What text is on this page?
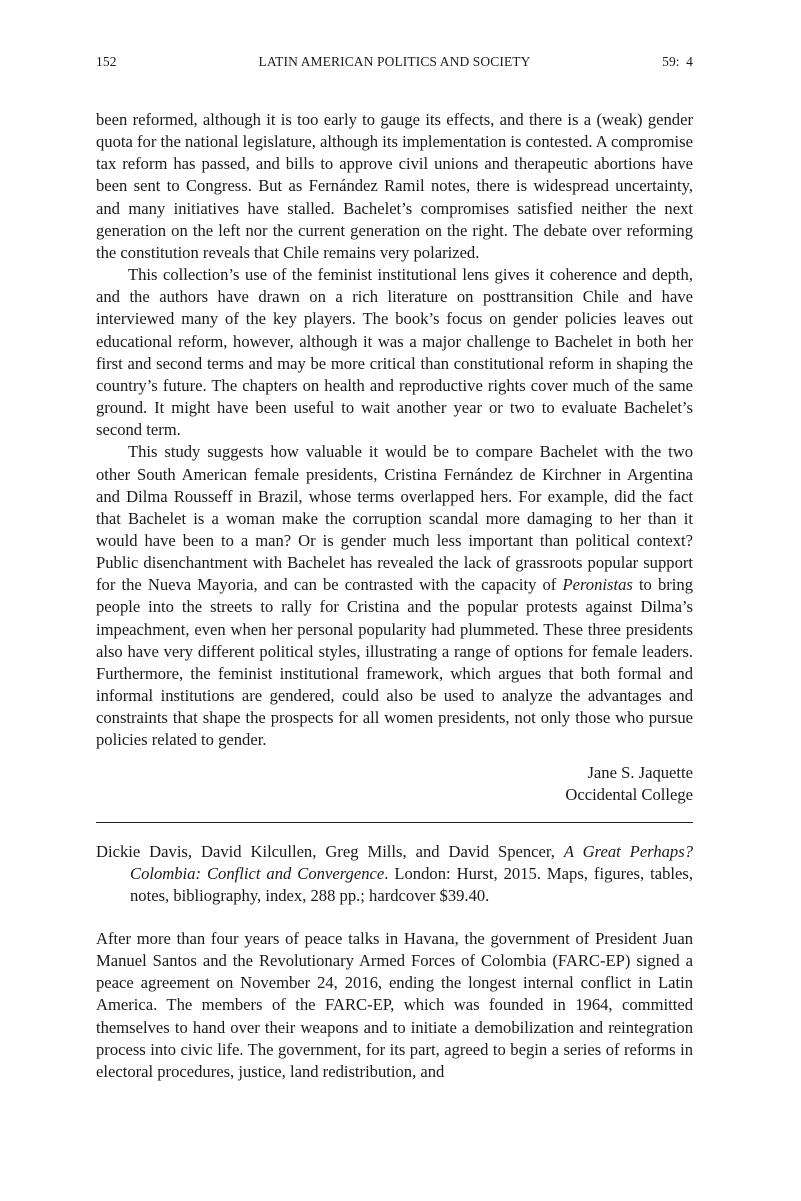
152	LATIN AMERICAN POLITICS AND SOCIETY	59: 4

been reformed, although it is too early to gauge its effects, and there is a (weak) gender quota for the national legislature, although its implementation is contested. A compromise tax reform has passed, and bills to approve civil unions and therapeutic abortions have been sent to Congress. But as Fernández Ramil notes, there is widespread uncertainty, and many initiatives have stalled. Bachelet’s compromises satisfied neither the next generation on the left nor the current generation on the right. The debate over reforming the constitution reveals that Chile remains very polarized.

This collection’s use of the feminist institutional lens gives it coherence and depth, and the authors have drawn on a rich literature on posttransition Chile and have interviewed many of the key players. The book’s focus on gender policies leaves out educational reform, however, although it was a major challenge to Bachelet in both her first and second terms and may be more critical than constitutional reform in shaping the country’s future. The chapters on health and reproductive rights cover much of the same ground. It might have been useful to wait another year or two to evaluate Bachelet’s second term.

This study suggests how valuable it would be to compare Bachelet with the two other South American female presidents, Cristina Fernández de Kirchner in Argentina and Dilma Rousseff in Brazil, whose terms overlapped hers. For example, did the fact that Bachelet is a woman make the corruption scandal more damaging to her than it would have been to a man? Or is gender much less important than political context? Public disenchantment with Bachelet has revealed the lack of grassroots popular support for the Nueva Mayoria, and can be contrasted with the capacity of Peronistas to bring people into the streets to rally for Cristina and the popular protests against Dilma’s impeachment, even when her personal popularity had plummeted. These three presidents also have very different political styles, illustrating a range of options for female leaders. Furthermore, the feminist institutional framework, which argues that both formal and informal institutions are gendered, could also be used to analyze the advantages and constraints that shape the prospects for all women presidents, not only those who pursue policies related to gender.

Jane S. Jaquette
Occidental College
Dickie Davis, David Kilcullen, Greg Mills, and David Spencer, A Great Perhaps? Colombia: Conflict and Convergence. London: Hurst, 2015. Maps, figures, tables, notes, bibliography, index, 288 pp.; hardcover $39.40.

After more than four years of peace talks in Havana, the government of President Juan Manuel Santos and the Revolutionary Armed Forces of Colombia (FARC-EP) signed a peace agreement on November 24, 2016, ending the longest internal conflict in Latin America. The members of the FARC-EP, which was founded in 1964, committed themselves to hand over their weapons and to initiate a demobilization and reintegration process into civic life. The government, for its part, agreed to begin a series of reforms in electoral procedures, justice, land redistribution, and
